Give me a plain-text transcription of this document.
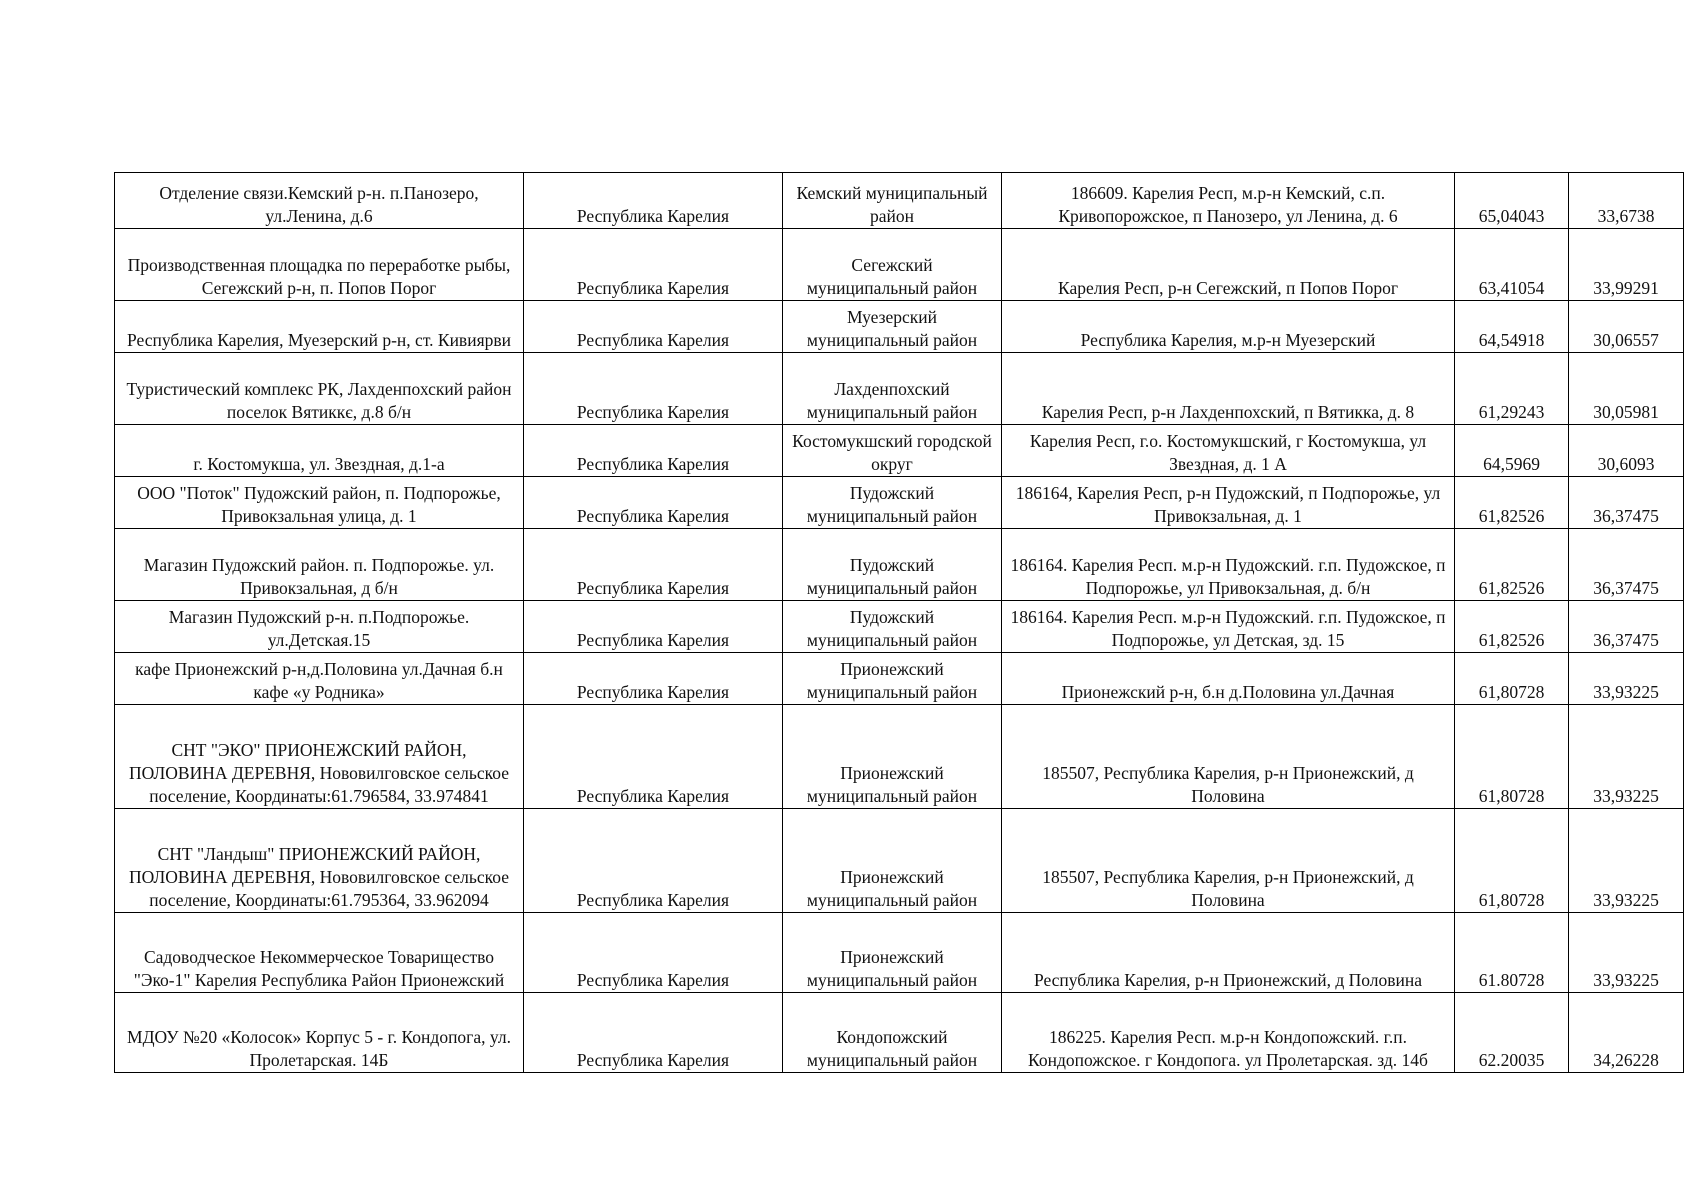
Отделение связи.Кемский р-н. п.Панозеро, ул.Ленина, д.6	Республика Карелия	Кемский муниципальный район	186609. Карелия Респ, м.р-н Кемский, с.п. Кривопорожское, п Панозеро, ул Ленина, д. 6	65,04043	33,6738
Производственная площадка по переработке рыбы, Сегежский р-н, п. Попов Порог	Республика Карелия	Сегежский муниципальный район	Карелия Респ, р-н Сегежский, п Попов Порог	63,41054	33,99291
Республика Карелия, Муезерский р-н, ст. Кивиярви	Республика Карелия	Муезерский муниципальный район	Республика Карелия, м.р-н Муезерский	64,54918	30,06557
Туристический комплекс РК, Лахденпохский район поселок Вятиккє, д.8 б/н	Республика Карелия	Лахденпохский муниципальный район	Карелия Респ, р-н Лахденпохский, п Вятикка, д. 8	61,29243	30,05981
г. Костомукша, ул. Звездная, д.1-а	Республика Карелия	Костомукшский городской округ	Карелия Респ, г.о. Костомукшский, г Костомукша, ул Звездная, д. 1 А	64,5969	30,6093
ООО "Поток" Пудожский район, п. Подпорожье, Привокзальная улица, д. 1	Республика Карелия	Пудожский муниципальный район	186164, Карелия Респ, р-н Пудожский, п Подпорожье, ул Привокзальная, д. 1	61,82526	36,37475
Магазин Пудожский район. п. Подпорожье. ул. Привокзальная, д б/н	Республика Карелия	Пудожский муниципальный район	186164. Карелия Респ. м.р-н Пудожский. г.п. Пудожское, п Подпорожье, ул Привокзальная, д. б/н	61,82526	36,37475
Магазин Пудожский р-н. п.Подпорожье. ул.Детская.15	Республика Карелия	Пудожский муниципальный район	186164. Карелия Респ. м.р-н Пудожский. г.п. Пудожское, п Подпорожье, ул Детская, зд. 15	61,82526	36,37475
кафе Прионежский р-н,д.Половина ул.Дачная б.н кафе «у Родника»	Республика Карелия	Прионежский муниципальный район	Прионежский р-н, б.н д.Половина ул.Дачная	61,80728	33,93225
СНТ "ЭКО" ПРИОНЕЖСКИЙ РАЙОН, ПОЛОВИНА ДЕРЕВНЯ, Нововилговское сельское поселение, Координаты:61.796584, 33.974841	Республика Карелия	Прионежский муниципальный район	185507, Республика Карелия, р-н Прионежский, д Половина	61,80728	33,93225
СНТ "Ландыш" ПРИОНЕЖСКИЙ РАЙОН, ПОЛОВИНА ДЕРЕВНЯ, Нововилговское сельское поселение, Координаты:61.795364, 33.962094	Республика Карелия	Прионежский муниципальный район	185507, Республика Карелия, р-н Прионежский, д Половина	61,80728	33,93225
Садоводческое Некоммерческое Товарищество "Эко-1" Карелия Республика Район Прионежский	Республика Карелия	Прионежский муниципальный район	Республика Карелия, р-н Прионежский, д Половина	61.80728	33,93225
МДОУ №20 «Колосок» Корпус 5 - г. Кондопога, ул. Пролетарская. 14Б	Республика Карелия	Кондопожский муниципальный район	186225. Карелия Респ. м.р-н Кондопожский. г.п. Кондопожское. г Кондопога. ул Пролетарская. зд. 14б	62.20035	34,26228
